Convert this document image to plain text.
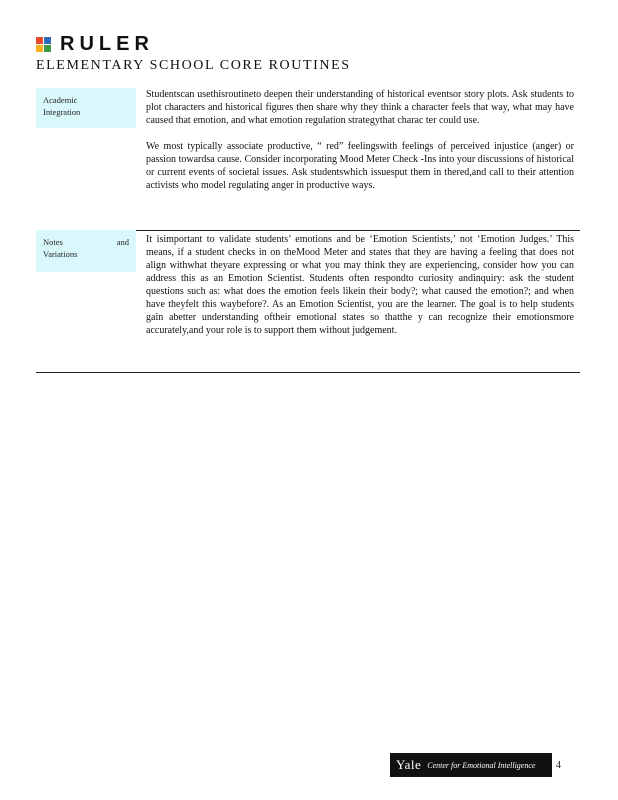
RULER
ELEMENTARY SCHOOL CORE ROUTINES
Academic
Integration

Studentscan usethisroutineto deepen their understanding of historical eventsor story plots. Ask students to plot characters and historical figures then share why they think a character feels that way, what may have caused that emotion, and what emotion regulation strategythat charac ter could use.

We most typically associate productive, “ red” feelingswith feelings of perceived injustice (anger) or passion towardsa cause. Consider incorporating Mood Meter Check -Ins into your discussions of historical or current events of societal issues. Ask studentswhich issuesput them in thered,and call to their attention activists who model regulating anger in productive ways.

Notes
Variations
and It isimportant to validate students’ emotions and be ‘Emotion Scientists,’ not ‘Emotion Judges.’ This means, if a student checks in on theMood Meter and states that they are having a feeling that does not align withwhat theyare expressing or what you may think they are experiencing, consider how you can address this as an Emotion Scientist. Students often respondto curiosity andinquiry: ask the student questions such as: what does the emotion feels likein their body?; what caused the emotion?; and when have theyfelt this waybefore?. As an Emotion Scientist, you are the learner. The goal is to help students gain abetter understanding oftheir emotional states so thatthe y can recognize their emotionsmore accurately,and your role is to support them without judgement.

Yale Center for Emotional Intelligence 4
